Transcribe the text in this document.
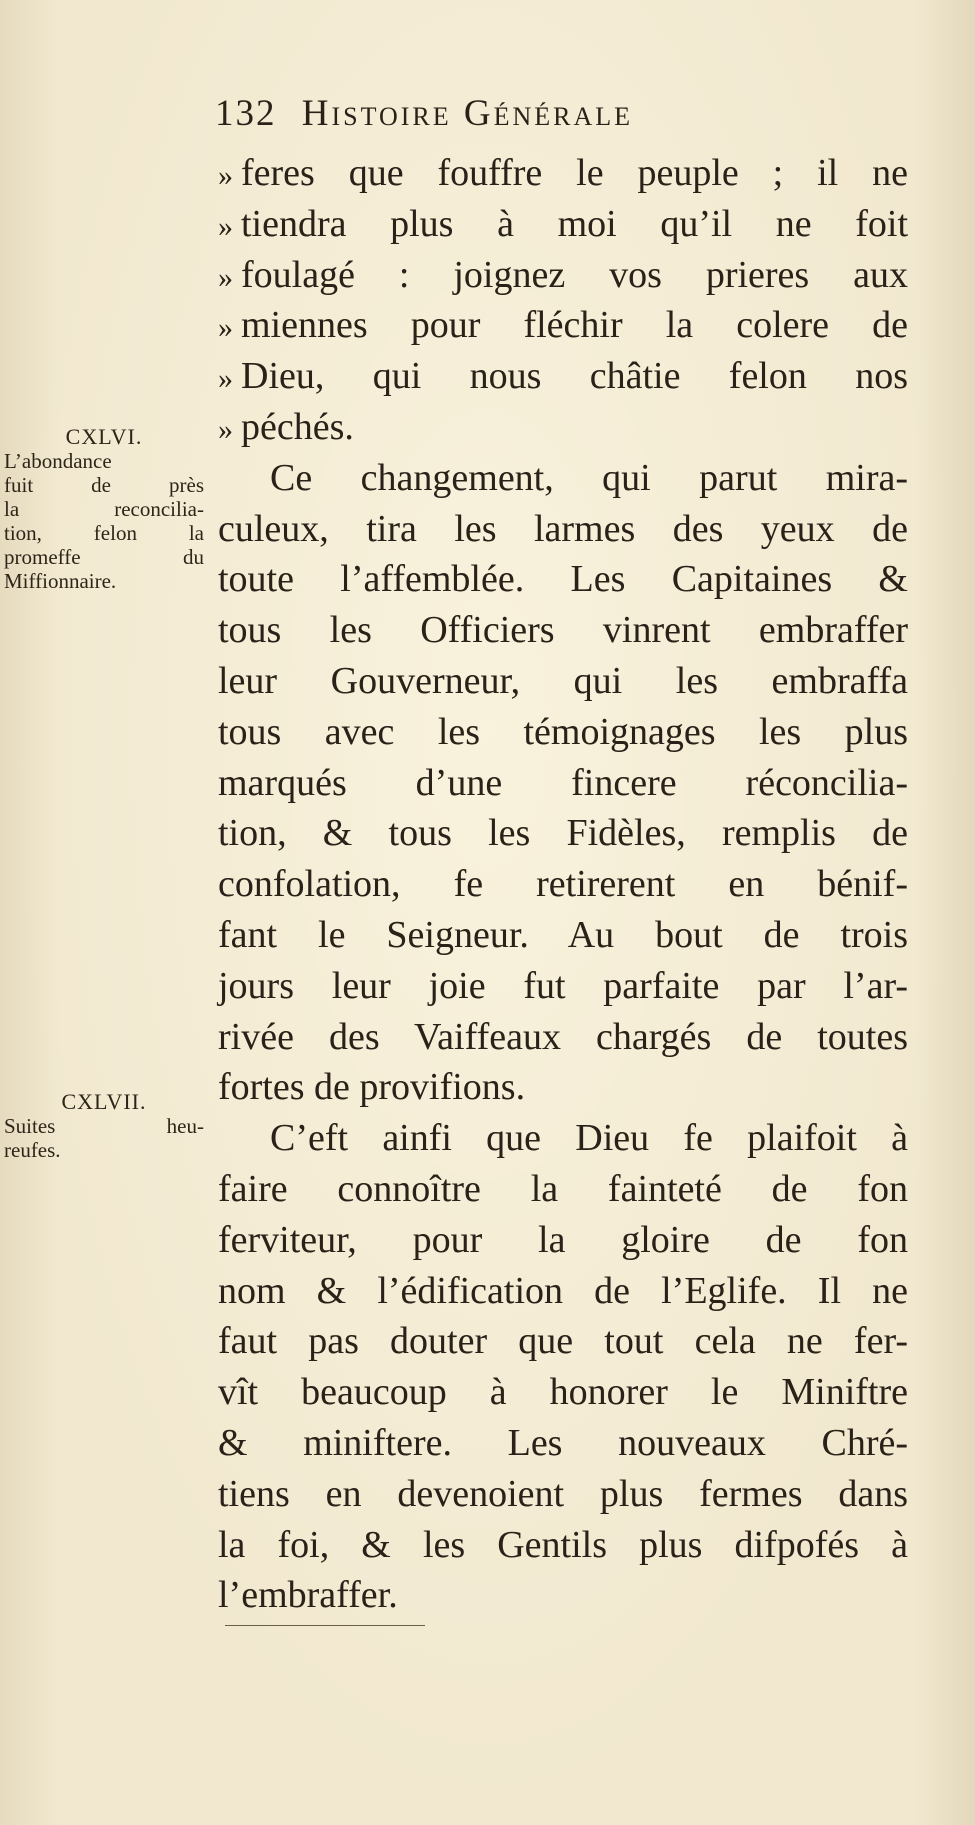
132 Histoire Générale
» feres que fouffre le peuple ; il ne
» tiendra plus à moi qu’il ne foit
» foulagé : joignez vos prieres aux
» miennes pour fléchir la colere de
» Dieu, qui nous châtie felon nos
» péchés.
Ce changement, qui parut mira-
culeux, tira les larmes des yeux de
toute l’affemblée. Les Capitaines &
tous les Officiers vinrent embraffer
leur Gouverneur, qui les embraffa
tous avec les témoignages les plus
marqués d’une fincere réconcilia-
tion, & tous les Fidèles, remplis de
confolation, fe retirerent en bénif-
fant le Seigneur. Au bout de trois
jours leur joie fut parfaite par l’ar-
rivée des Vaiffeaux chargés de toutes
fortes de provifions.
C’eft ainfi que Dieu fe plaifoit à
faire connoître la fainteté de fon
ferviteur, pour la gloire de fon
nom & l’édification de l’Eglife. Il ne
faut pas douter que tout cela ne fer-
vît beaucoup à honorer le Miniftre
& miniftere. Les nouveaux Chré-
tiens en devenoient plus fermes dans
la foi, & les Gentils plus difpofés à
l’embraffer.
CXLVI.
L’abondance
fuit de près
la reconcilia-
tion, felon la
promeffe du
Miffionnaire.
CXLVII.
Suites heu-
reufes.
